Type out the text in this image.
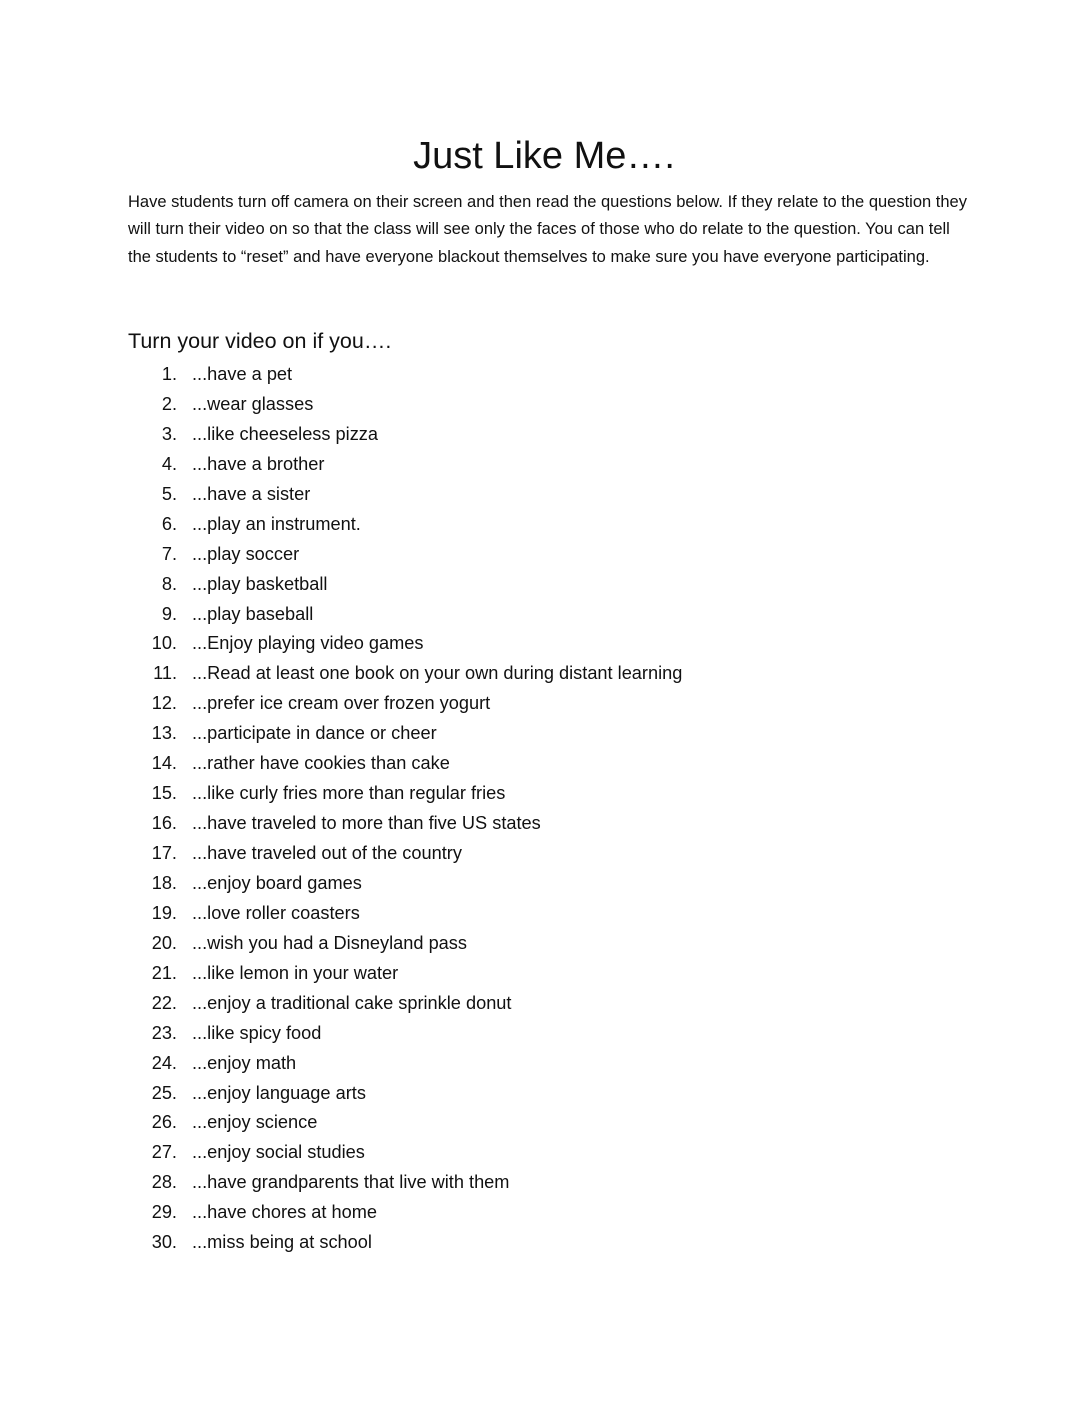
Just Like Me….

Have students turn off camera on their screen and then read the questions below. If they relate to the question they will turn their video on so that the class will see only the faces of those who do relate to the question. You can tell the students to “reset” and have everyone blackout themselves to make sure you have everyone participating.

Turn your video on if you….
1. ...have a pet
2. ...wear glasses
3. ...like cheeseless pizza
4. ...have a brother
5. ...have a sister
6. ...play an instrument.
7. ...play soccer
8. ...play basketball
9. ...play baseball
10. ...Enjoy playing video games
11. ...Read at least one book on your own during distant learning
12. ...prefer ice cream over frozen yogurt
13. ...participate in dance or cheer
14. ...rather have cookies than cake
15. ...like curly fries more than regular fries
16. ...have traveled to more than five US states
17. ...have traveled out of the country
18. ...enjoy board games
19. ...love roller coasters
20. ...wish you had a Disneyland pass
21. ...like lemon in your water
22. ...enjoy a traditional cake sprinkle donut
23. ...like spicy food
24. ...enjoy math
25. ...enjoy language arts
26. ...enjoy science
27. ...enjoy social studies
28. ...have grandparents that live with them
29. ...have chores at home
30. ...miss being at school
